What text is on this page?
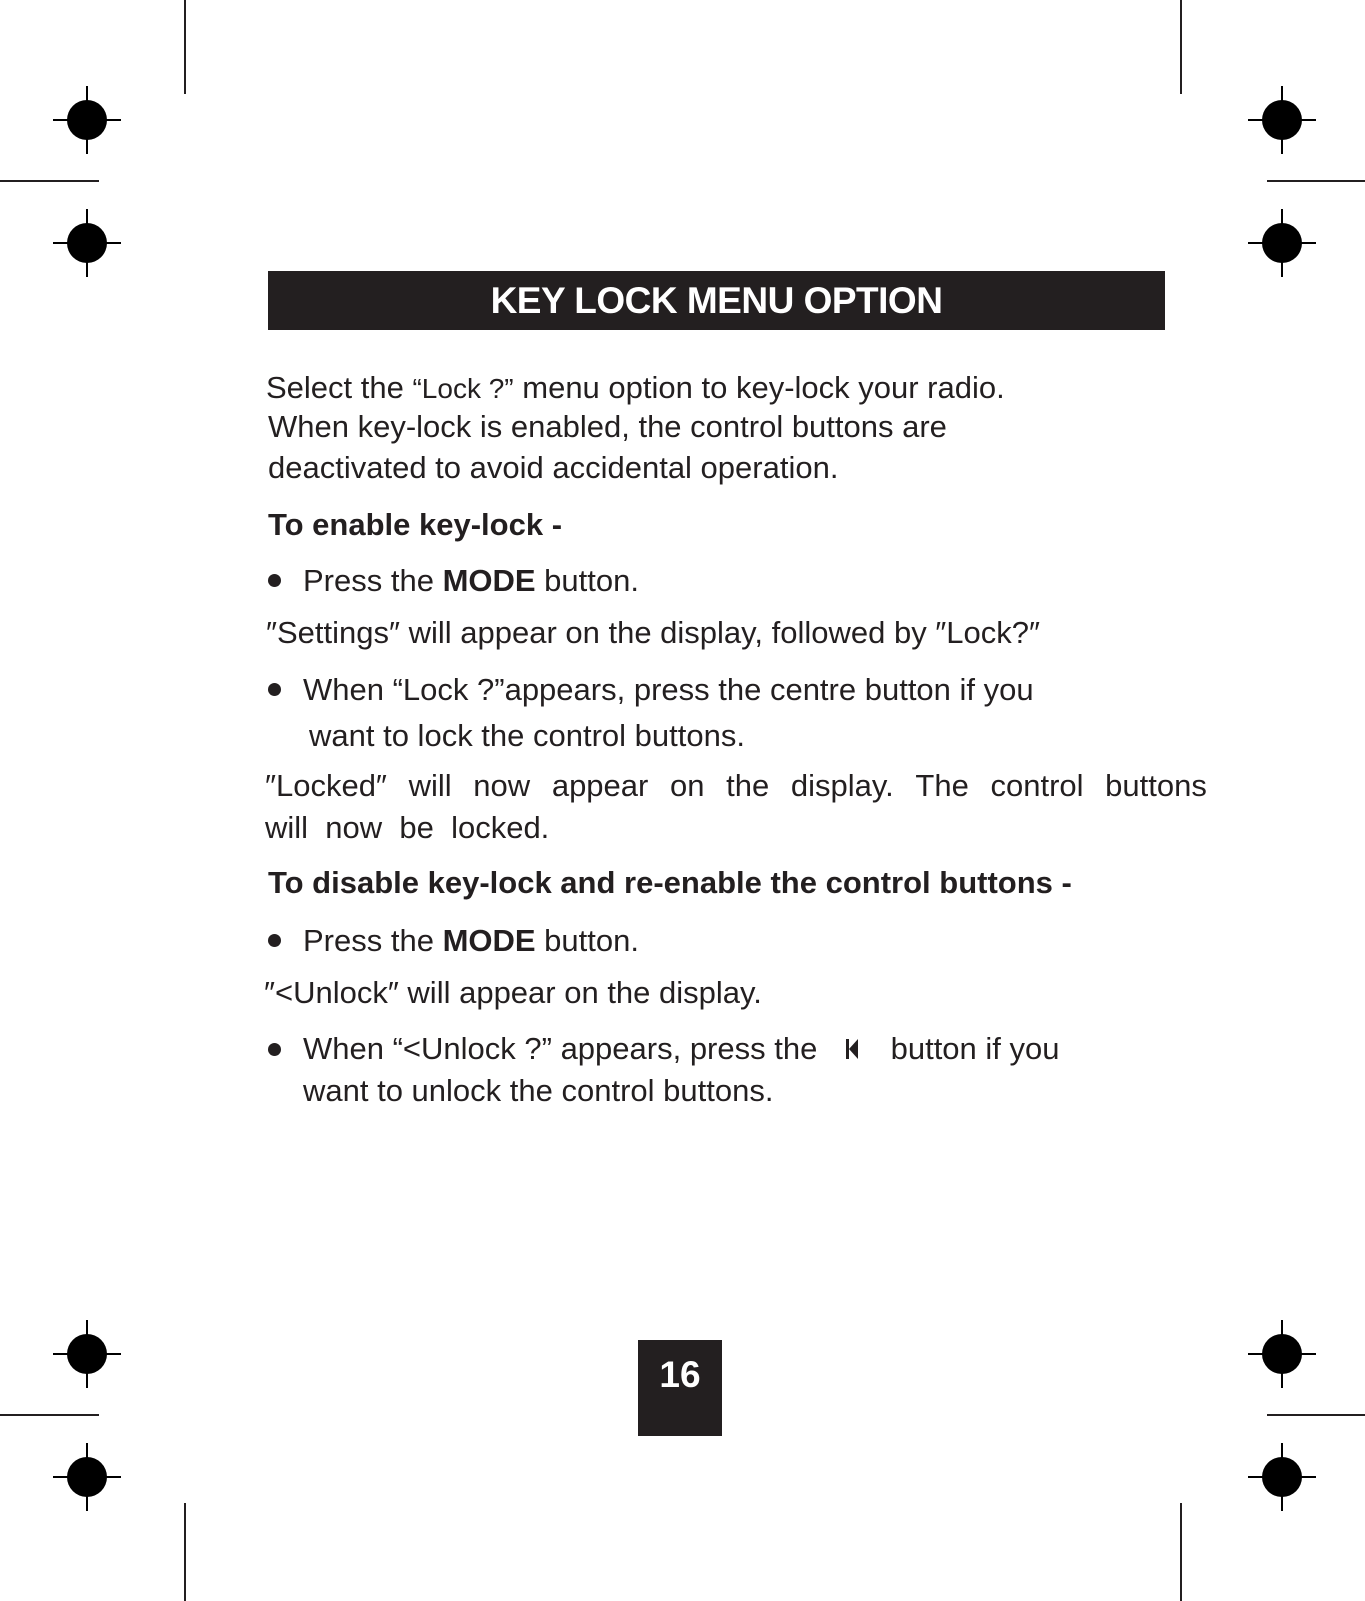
KEY LOCK MENU OPTION
Select the “Lock ?” menu option to key-lock your radio.
When key-lock is enabled, the control buttons are
deactivated to avoid accidental operation.
To enable key-lock -
Press the MODE button.
″Settings″ will appear on the display, followed by ″Lock?″
When “Lock ?”appears, press the centre button if you
want to lock the control buttons.
″Locked″ will now appear on the display. The control buttons
will  now  be  locked.
To disable key-lock and re-enable the control buttons -
Press the MODE button.
″<Unlock″ will appear on the display.
When “<Unlock ?” appears, press the button if you
want to unlock the control buttons.
16
